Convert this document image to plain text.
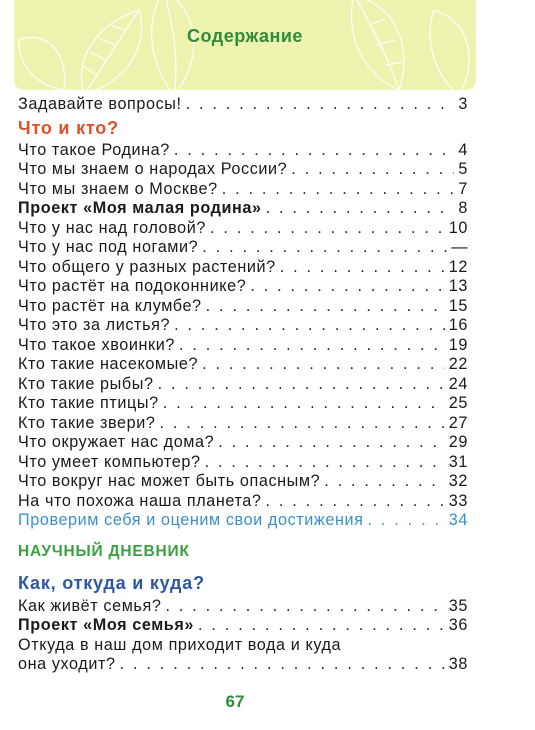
Содержание
Задавайте вопросы! . . .	3
Что и кто?
Что такое Родина? . . .	4
Что мы знаем о народах России? . . .	5
Что мы знаем о Москве? . . .	7
Проект «Моя малая родина» . . .	8
Что у нас над головой? . . .	10
Что у нас под ногами? . . .	—
Что общего у разных растений? . . .	12
Что растёт на подоконнике? . . .	13
Что растёт на клумбе? . . .	15
Что это за листья? . . .	16
Что такое хвоинки? . . .	19
Кто такие насекомые? . . .	22
Кто такие рыбы? . . .	24
Кто такие птицы? . . .	25
Кто такие звери? . . .	27
Что окружает нас дома? . . .	29
Что умеет компьютер? . . .	31
Что вокруг нас может быть опасным? . . .	32
На что похожа наша планета? . . .	33
Проверим себя и оценим свои достижения . . .	34
НАУЧНЫЙ ДНЕВНИК
Как, откуда и куда?
Как живёт семья? . . .	35
Проект «Моя семья» . . .	36
Откуда в наш дом приходит вода и куда
она уходит? . . .	38
67
